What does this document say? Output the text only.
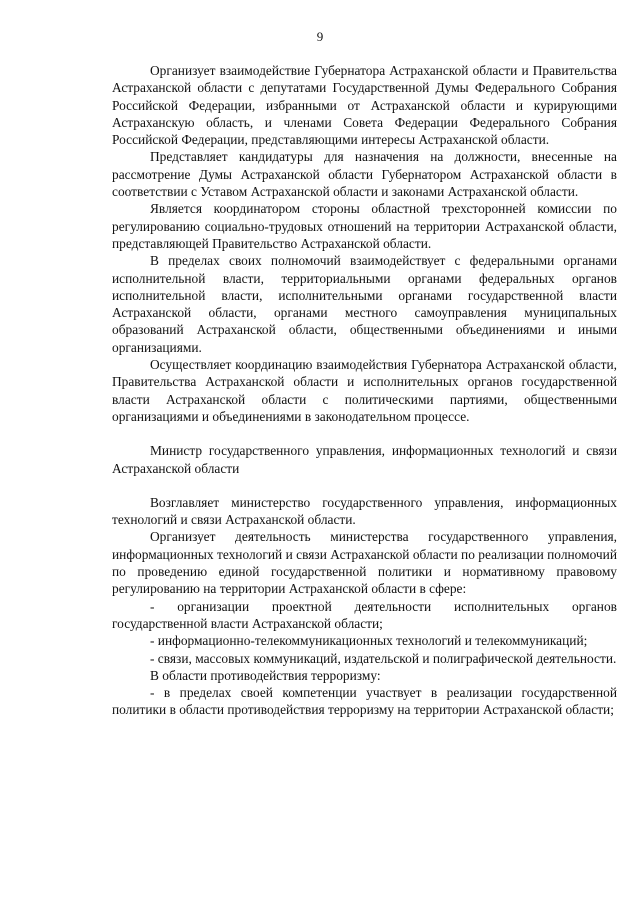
9

Организует взаимодействие Губернатора Астраханской области и Правительства Астраханской области с депутатами Государственной Думы Федерального Собрания Российской Федерации, избранными от Астраханской области и курирующими Астраханскую область, и членами Совета Федерации Федерального Собрания Российской Федерации, представляющими интересы Астраханской области.

Представляет кандидатуры для назначения на должности, внесенные на рассмотрение Думы Астраханской области Губернатором Астраханской области в соответствии с Уставом Астраханской области и законами Астраханской области.

Является координатором стороны областной трехсторонней комиссии по регулированию социально-трудовых отношений на территории Астраханской области, представляющей Правительство Астраханской области.

В пределах своих полномочий взаимодействует с федеральными органами исполнительной власти, территориальными органами федеральных органов исполнительной власти, исполнительными органами государственной власти Астраханской области, органами местного самоуправления муниципальных образований Астраханской области, общественными объединениями и иными организациями.

Осуществляет координацию взаимодействия Губернатора Астраханской области, Правительства Астраханской области и исполнительных органов государственной власти Астраханской области с политическими партиями, общественными организациями и объединениями в законодательном процессе.

Министр государственного управления, информационных технологий и связи Астраханской области

Возглавляет министерство государственного управления, информационных технологий и связи Астраханской области.

Организует деятельность министерства государственного управления, информационных технологий и связи Астраханской области по реализации полномочий по проведению единой государственной политики и нормативному правовому регулированию на территории Астраханской области в сфере:

- организации проектной деятельности исполнительных органов государственной власти Астраханской области;

- информационно-телекоммуникационных технологий и телекоммуникаций;

- связи, массовых коммуникаций, издательской и полиграфической деятельности.

В области противодействия терроризму:

- в пределах своей компетенции участвует в реализации государственной политики в области противодействия терроризму на территории Астраханской области;
